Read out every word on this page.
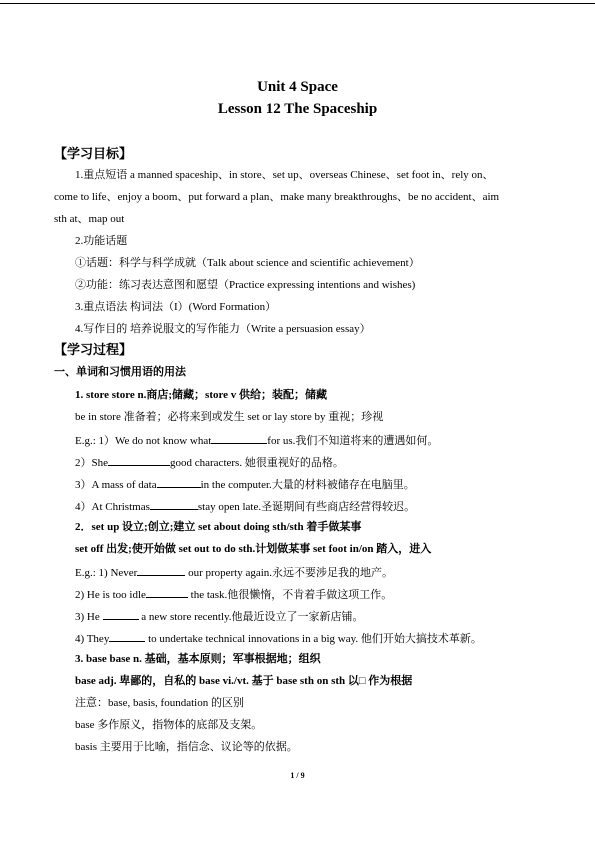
Unit 4 Space
Lesson 12 The Spaceship
【学习目标】
1.重点短语 a manned spaceship、in store、set up、overseas Chinese、set foot in、rely on、
come to life、enjoy a boom、put forward a plan、make many breakthroughs、be no accident、aim
sth at、map out
2.功能话题
①话题：科学与科学成就（Talk about science and scientific achievement）
②功能：练习表达意图和愿望（Practice expressing intentions and wishes)
3.重点语法 构词法（I）(Word Formation）
4.写作目的 培养说服文的写作能力（Write a persuasion essay）
【学习过程】
一、单词和习惯用语的用法
1. store store n.商店;储藏；store v 供给；装配；储藏
be in store 准备着；必将来到或发生 set or lay store by 重视；珍视
E.g.: 1）We do not know what	for us.我们不知道将来的遭遇如何。
2）She	good characters. 她很重视好的品格。
3）A mass of data	in the computer.大量的材料被储存在电脑里。
4）At Christmas	stay open late.圣诞期间有些商店经营得较迟。
2．set up 设立;创立;建立 set about doing sth/sth 着手做某事
set off 出发;使开始做 set out to do sth.计划做某事 set foot in/on 踏入，进入
E.g.: 1) Never	our property again.永远不要涉足我的地产。
2) He is too idle	the task.他很懒惰，不肯着手做这项工作。
3) He	a new store recently.他最近设立了一家新店铺。
4) They	to undertake technical innovations in a big way. 他们开始大搞技术革新。
3. base base n. 基础，基本原则；军事根据地；组织
base adj. 卑鄙的，自私的 base vi./vt. 基于 base sth on sth 以□ 作为根据
注意：base, basis, foundation 的区别
base 多作原义，指物体的底部及支架。
basis 主要用于比喻，指信念、议论等的依据。
1 / 9
